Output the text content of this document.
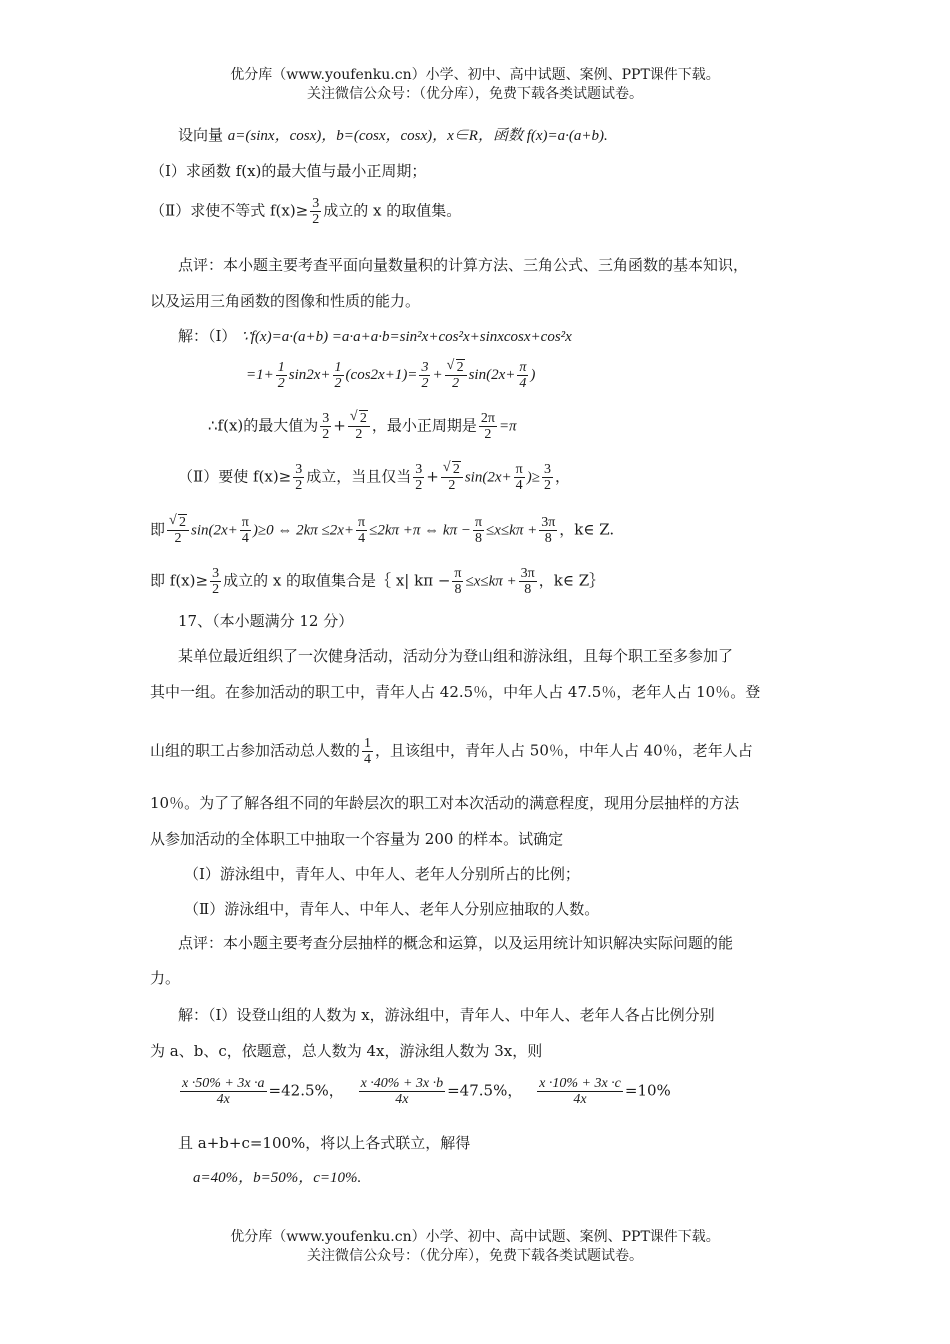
优分库（www.youfenku.cn）小学、初中、高中试题、案例、PPT课件下载。
关注微信公众号：（优分库），免费下载各类试题试卷。
设向量 a=(sinx，cosx)，b=(cosx，cosx)，x∈R，函数 f(x)=a·(a+b).
（Ⅰ）求函数 f(x)的最大值与最小正周期；
（Ⅱ）求使不等式 $f(x)\ge \frac{3}{2}$ 成立的 x 的取值集。
点评：本小题主要考查平面向量数量积的计算方法、三角公式、三角函数的基本知识，
以及运用三角函数的图像和性质的能力。
解：（Ⅰ） ∵f(x)=a·(a+b) =a·a+a·b=sin²x+cos²x+sinxcosx+cos²x
$=1+ \frac{1}{2} \sin 2x+ \frac{1}{2} (\cos 2x+1)= \frac{3}{2}$ + √ $\frac{2}{2} \sin(2x+ \frac{\pi}{4}$ )
∴f(x)的最大值为 $\frac{3}{2}$ + √ $\frac{2}{2}$ ，最小正周期是 $\frac{2\pi}{2} =\pi$
（Ⅱ）要使 $f(x)\ge \frac{3}{2}$ 成立，当且仅当 $\frac{3}{2}$ + √ $\frac{2}{2} \sin(2x+ \frac{\pi}{4}$ )≥ $\frac{3}{2}$ ，
即 √ $\frac{2}{2} \sin(2x+ \frac{\pi}{4} )\ge 0$ ⇔ $2k\pi \le 2x+ \frac{\pi}{4} \le 2k\pi +\pi$ ⇔ $k\pi - \frac{\pi}{8} \le x\le k\pi + \frac{3\pi}{8}$ ，k∈ Z.
即 $f(x)\ge \frac{3}{2}$ 成立的 x 的取值集合是｛ x| $k\pi - \frac{\pi}{8} \le x\le k\pi + \frac{3\pi}{8}$ ，k∈ Z｝
17、（本小题满分 12 分）
某单位最近组织了一次健身活动，活动分为登山组和游泳组，且每个职工至多参加了
其中一组。在参加活动的职工中，青年人占 42.5％，中年人占 47.5％，老年人占 10％。登
山组的职工占参加活动总人数的 $\frac{1}{4}$ ，且该组中，青年人占 50％，中年人占 40％，老年人占
10％。为了了解各组不同的年龄层次的职工对本次活动的满意程度，现用分层抽样的方法
从参加活动的全体职工中抽取一个容量为 200 的样本。试确定
（Ⅰ）游泳组中，青年人、中年人、老年人分别所占的比例；
（Ⅱ）游泳组中，青年人、中年人、老年人分别应抽取的人数。
点评：本小题主要考查分层抽样的概念和运算，以及运用统计知识解决实际问题的能
力。
解：（Ⅰ）设登山组的人数为 x，游泳组中，青年人、中年人、老年人各占比例分别
为 a、b、c，依题意，总人数为 4x，游泳组人数为 3x，则
$\frac{x \cdot 50\% + 3x \cdot a}{4x} =42.5\%$， $\frac{x \cdot 40\% + 3x \cdot b}{4x} =47.5\%$， $\frac{x \cdot 10\% + 3x \cdot c}{4x} =10\%$
且 a+b+c=100%，将以上各式联立，解得
a=40%，b=50%，c=10%.
优分库（www.youfenku.cn）小学、初中、高中试题、案例、PPT课件下载。
关注微信公众号：（优分库），免费下载各类试题试卷。
